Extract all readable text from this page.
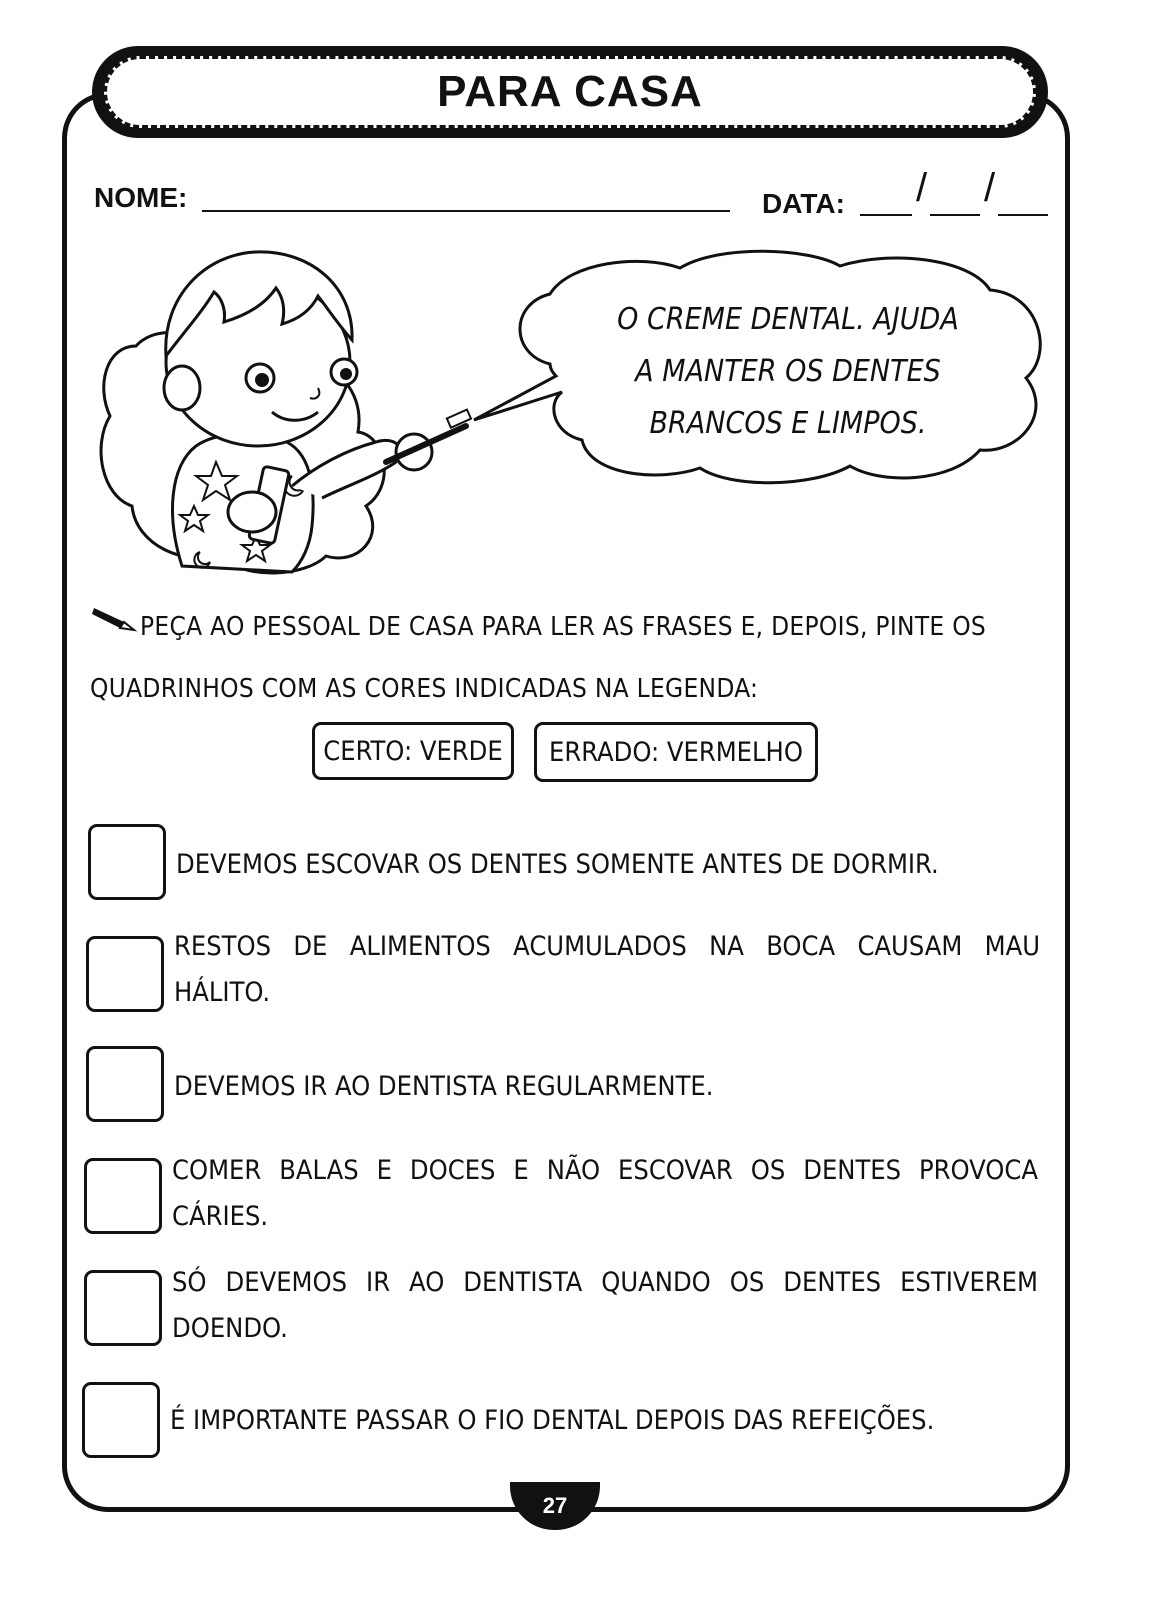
PARA CASA
NOME:	DATA: / /
O CREME DENTAL. AJUDA
A MANTER OS DENTES
BRANCOS E LIMPOS.
PEÇA AO PESSOAL DE CASA PARA LER AS FRASES E, DEPOIS, PINTE OS
QUADRINHOS COM AS CORES INDICADAS NA LEGENDA:
CERTO: VERDE	ERRADO: VERMELHO
DEVEMOS ESCOVAR OS DENTES SOMENTE ANTES DE DORMIR.
RESTOS DE ALIMENTOS ACUMULADOS NA BOCA CAUSAM MAU HÁLITO.
DEVEMOS IR AO DENTISTA REGULARMENTE.
COMER BALAS E DOCES E NÃO ESCOVAR OS DENTES PROVOCA CÁRIES.
SÓ DEVEMOS IR AO DENTISTA QUANDO OS DENTES ESTIVEREM DOENDO.
É IMPORTANTE PASSAR O FIO DENTAL DEPOIS DAS REFEIÇÕES.
27
